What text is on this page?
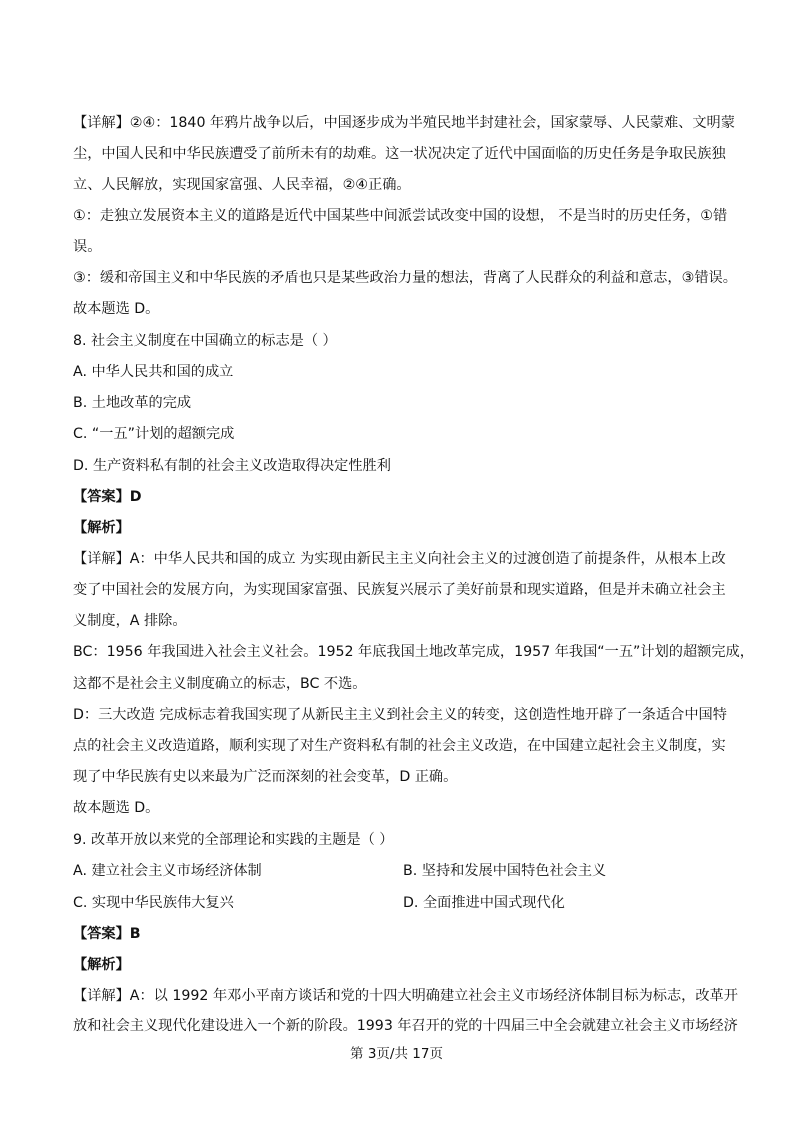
【详解】②④：1840 年鸦片战争以后，中国逐步成为半殖民地半封建社会，国家蒙辱、人民蒙难、文明蒙
尘，中国人民和中华民族遭受了前所未有的劫难。这一状况决定了近代中国面临的历史任务是争取民族独
立、人民解放，实现国家富强、人民幸福，②④正确。
①：走独立发展资本主义的道路是近代中国某些中间派尝试改变中国的设想， 不是当时的历史任务，①错
误。
③：缓和帝国主义和中华民族的矛盾也只是某些政治力量的想法，背离了人民群众的利益和意志，③错误。
故本题选 D。
8. 社会主义制度在中国确立的标志是（ ）
A. 中华人民共和国的成立
B. 土地改革的完成
C. “一五”计划的超额完成
D. 生产资料私有制的社会主义改造取得决定性胜利
【答案】D
【解析】
【详解】A：中华人民共和国的成立 为实现由新民主主义向社会主义的过渡创造了前提条件，从根本上改
变了中国社会的发展方向，为实现国家富强、民族复兴展示了美好前景和现实道路，但是并未确立社会主
义制度，A 排除。
BC：1956 年我国进入社会主义社会。1952 年底我国土地改革完成，1957 年我国“一五”计划的超额完成，
这都不是社会主义制度确立的标志，BC 不选。
D：三大改造 完成标志着我国实现了从新民主主义到社会主义的转变，这创造性地开辟了一条适合中国特
点的社会主义改造道路，顺利实现了对生产资料私有制的社会主义改造，在中国建立起社会主义制度，实
现了中华民族有史以来最为广泛而深刻的社会变革，D 正确。
故本题选 D。
9. 改革开放以来党的全部理论和实践的主题是（ ）
A. 建立社会主义市场经济体制	B. 坚持和发展中国特色社会主义
C. 实现中华民族伟大复兴	D. 全面推进中国式现代化
【答案】B
【解析】
【详解】A：以 1992 年邓小平南方谈话和党的十四大明确建立社会主义市场经济体制目标为标志，改革开
放和社会主义现代化建设进入一个新的阶段。1993 年召开的党的十四届三中全会就建立社会主义市场经济
第 3页/共 17页
